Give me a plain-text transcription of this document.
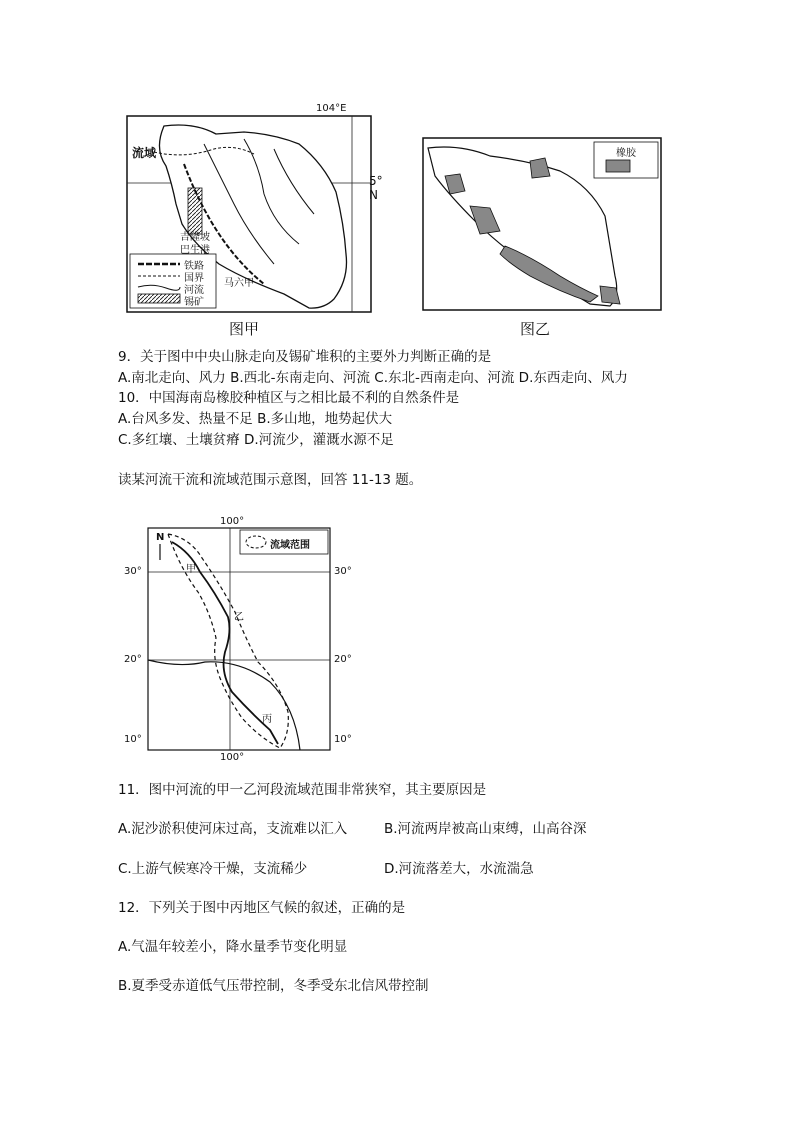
104°E
5° N
流域
吉隆坡
巴生港
马六甲
铁路
国界
河流
锡矿
图甲
橡胶
图乙
9．关于图中中央山脉走向及锡矿堆积的主要外力判断正确的是
A.南北走向、风力 B.西北-东南走向、河流 C.东北-西南走向、河流 D.东西走向、风力
10．中国海南岛橡胶种植区与之相比最不利的自然条件是
A.台风多发、热量不足 B.多山地，地势起伏大
C.多红壤、土壤贫瘠 D.河流少，灌溉水源不足
读某河流干流和流域范围示意图，回答 11-13 题。
100°
100°
30°	30°
20°	20°
10°	10°
N
流域范围
甲
乙
丙
11．图中河流的甲一乙河段流域范围非常狭窄，其主要原因是
A.泥沙淤积使河床过高，支流难以汇入	B.河流两岸被高山束缚，山高谷深
C.上游气候寒冷干燥，支流稀少	D.河流落差大，水流湍急
12．下列关于图中丙地区气候的叙述，正确的是
A.气温年较差小，降水量季节变化明显
B.夏季受赤道低气压带控制，冬季受东北信风带控制
